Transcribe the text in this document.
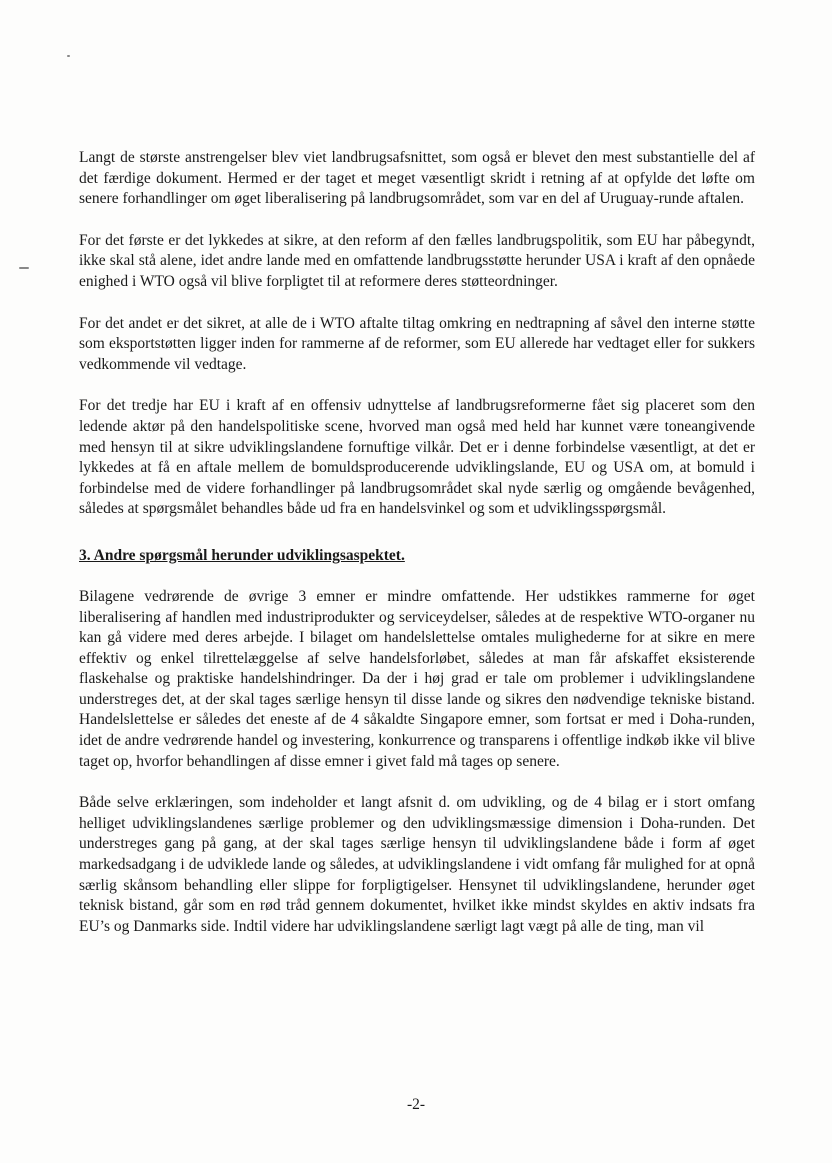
Langt de største anstrengelser blev viet landbrugsafsnittet, som også er blevet den mest substantielle del af det færdige dokument. Hermed er der taget et meget væsentligt skridt i retning af at opfylde det løfte om senere forhandlinger om øget liberalisering på landbrugsområdet, som var en del af Uruguay-runde aftalen.

For det første er det lykkedes at sikre, at den reform af den fælles landbrugspolitik, som EU har påbegyndt, ikke skal stå alene, idet andre lande med en omfattende landbrugsstøtte herunder USA i kraft af den opnåede enighed i WTO også vil blive forpligtet til at reformere deres støtteordninger.

For det andet er det sikret, at alle de i WTO aftalte tiltag omkring en nedtrapning af såvel den interne støtte som eksportstøtten ligger inden for rammerne af de reformer, som EU allerede har vedtaget eller for sukkers vedkommende vil vedtage.

For det tredje har EU i kraft af en offensiv udnyttelse af landbrugsreformerne fået sig placeret som den ledende aktør på den handelspolitiske scene, hvorved man også med held har kunnet være toneangivende med hensyn til at sikre udviklingslandene fornuftige vilkår. Det er i denne forbindelse væsentligt, at det er lykkedes at få en aftale mellem de bomuldsproducerende udviklingslande, EU og USA om, at bomuld i forbindelse med de videre forhandlinger på landbrugsområdet skal nyde særlig og omgående bevågenhed, således at spørgsmålet behandles både ud fra en handelsvinkel og som et udviklingsspørgsmål.

3. Andre spørgsmål herunder udviklingsaspektet.

Bilagene vedrørende de øvrige 3 emner er mindre omfattende. Her udstikkes rammerne for øget liberalisering af handlen med industriprodukter og serviceydelser, således at de respektive WTO-organer nu kan gå videre med deres arbejde. I bilaget om handelslettelse omtales mulighederne for at sikre en mere effektiv og enkel tilrettelæggelse af selve handelsforløbet, således at man får afskaffet eksisterende flaskehalse og praktiske handelshindringer. Da der i høj grad er tale om problemer i udviklingslandene understreges det, at der skal tages særlige hensyn til disse lande og sikres den nødvendige tekniske bistand. Handelslettelse er således det eneste af de 4 såkaldte Singapore emner, som fortsat er med i Doha-runden, idet de andre vedrørende handel og investering, konkurrence og transparens i offentlige indkøb ikke vil blive taget op, hvorfor behandlingen af disse emner i givet fald må tages op senere.

Både selve erklæringen, som indeholder et langt afsnit d. om udvikling, og de 4 bilag er i stort omfang helliget udviklingslandenes særlige problemer og den udviklingsmæssige dimension i Doha-runden. Det understreges gang på gang, at der skal tages særlige hensyn til udviklingslandene både i form af øget markedsadgang i de udviklede lande og således, at udviklingslandene i vidt omfang får mulighed for at opnå særlig skånsom behandling eller slippe for forpligtigelser. Hensynet til udviklingslandene, herunder øget teknisk bistand, går som en rød tråd gennem dokumentet, hvilket ikke mindst skyldes en aktiv indsats fra EU’s og Danmarks side. Indtil videre har udviklingslandene særligt lagt vægt på alle de ting, man vil

-2-
